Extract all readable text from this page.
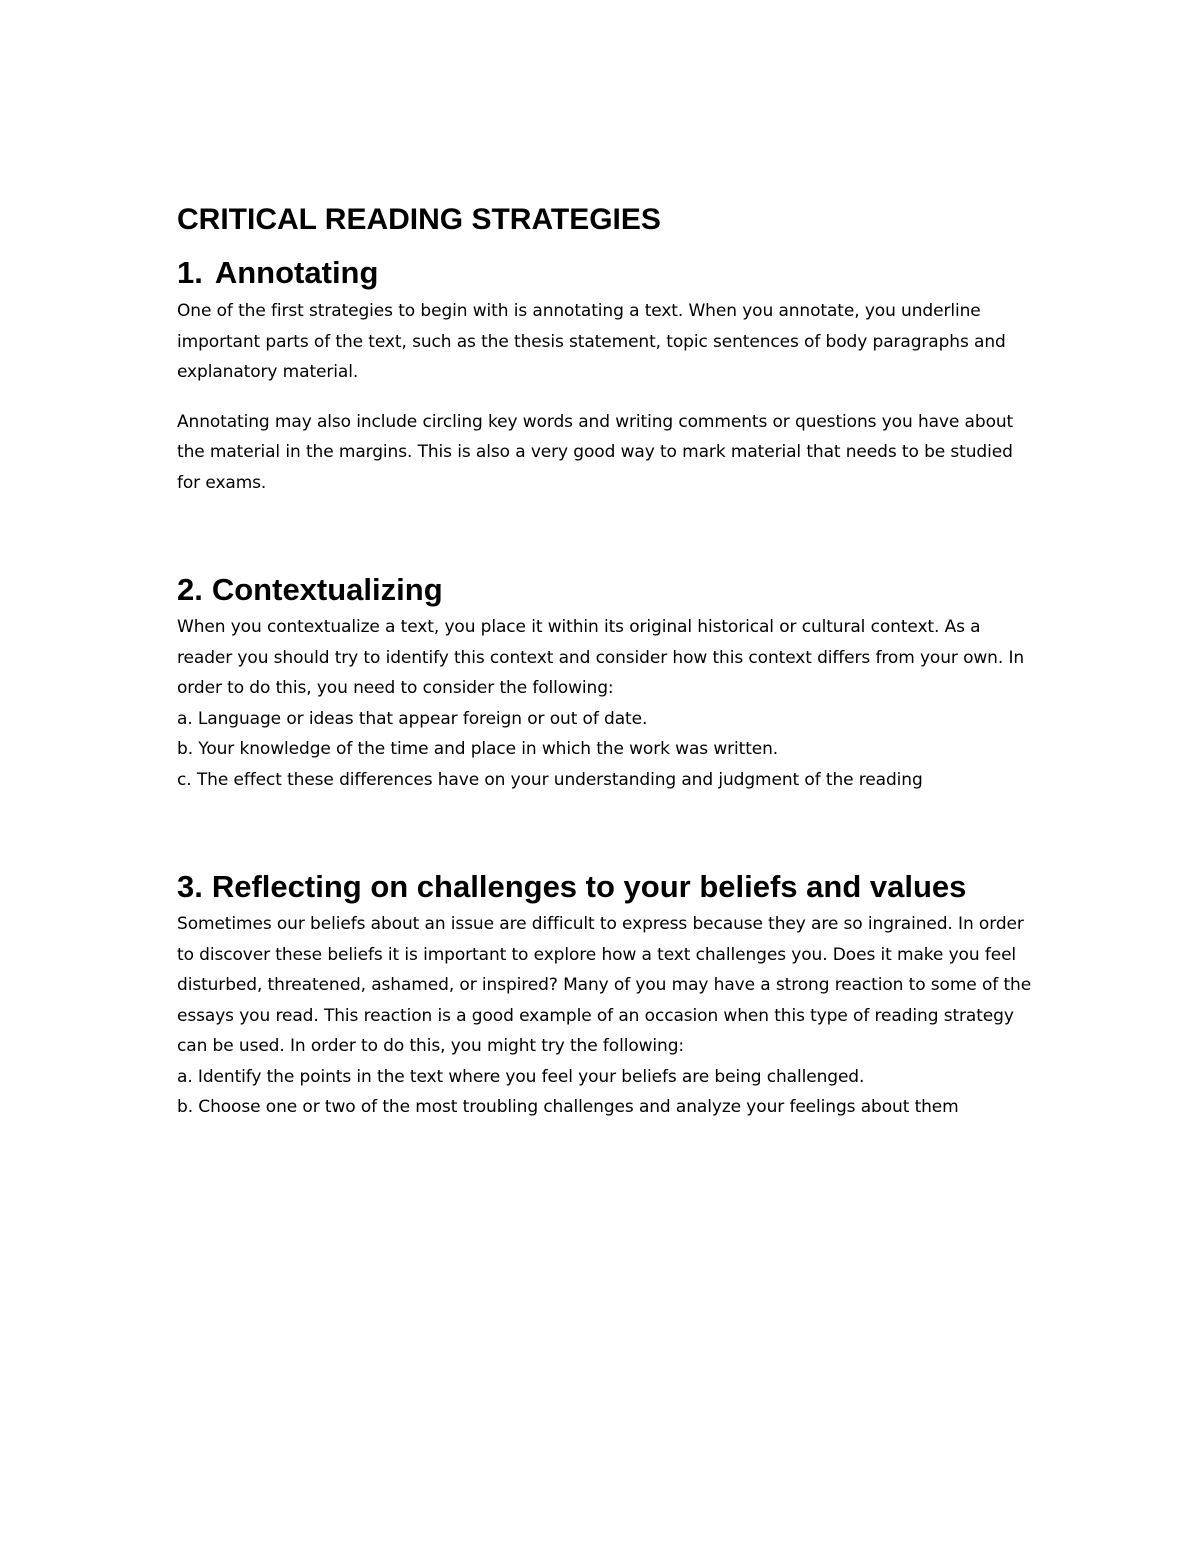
CRITICAL READING STRATEGIES
1. Annotating

One of the first strategies to begin with is annotating a text. When you annotate, you underline important parts of the text, such as the thesis statement, topic sentences of body paragraphs and explanatory material.

Annotating may also include circling key words and writing comments or questions you have about the material in the margins. This is also a very good way to mark material that needs to be studied for exams.

2. Contextualizing

When you contextualize a text, you place it within its original historical or cultural context. As a reader you should try to identify this context and consider how this context differs from your own. In order to do this, you need to consider the following:

a. Language or ideas that appear foreign or out of date.

b. Your knowledge of the time and place in which the work was written.

c. The effect these differences have on your understanding and judgment of the reading

3. Reflecting on challenges to your beliefs and values

Sometimes our beliefs about an issue are difficult to express because they are so ingrained. In order to discover these beliefs it is important to explore how a text challenges you. Does it make you feel disturbed, threatened, ashamed, or inspired? Many of you may have a strong reaction to some of the essays you read. This reaction is a good example of an occasion when this type of reading strategy can be used. In order to do this, you might try the following:

a. Identify the points in the text where you feel your beliefs are being challenged.

b. Choose one or two of the most troubling challenges and analyze your feelings about them
